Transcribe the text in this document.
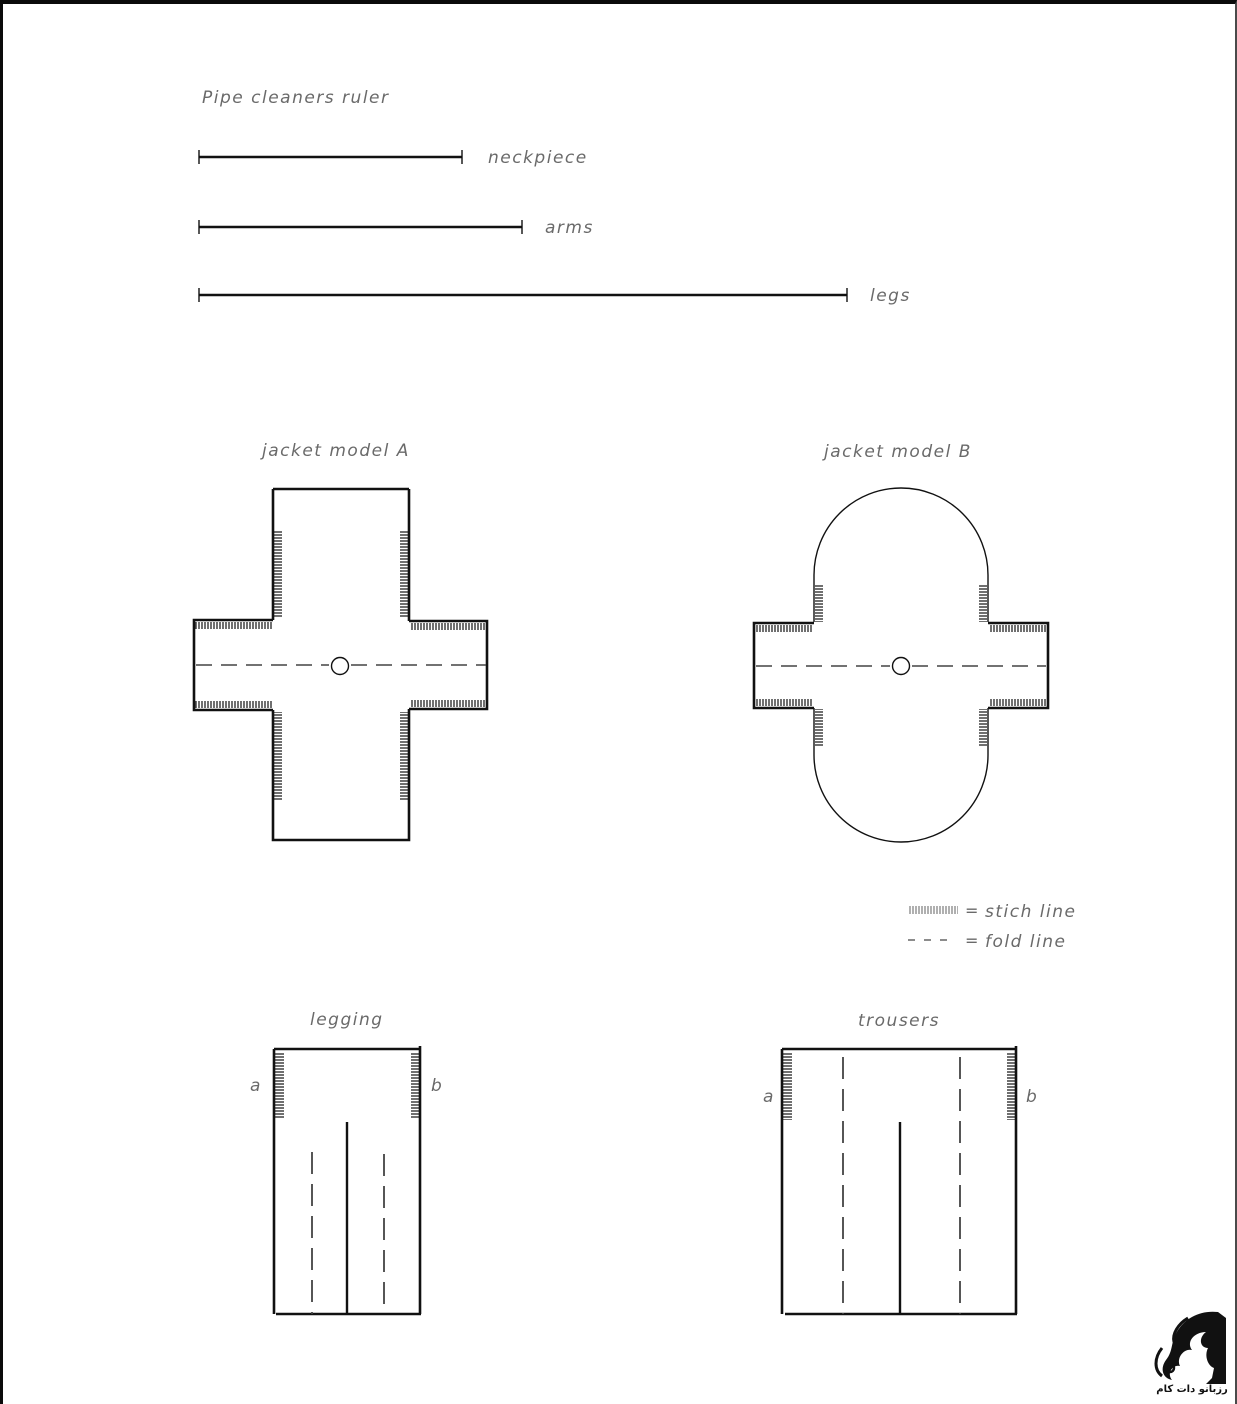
Pipe cleaners ruler
neckpiece
arms
legs
jacket model A	jacket model B
= stich line
= fold line
legging
a	b
trousers
a	b
رزبانو دات کام
